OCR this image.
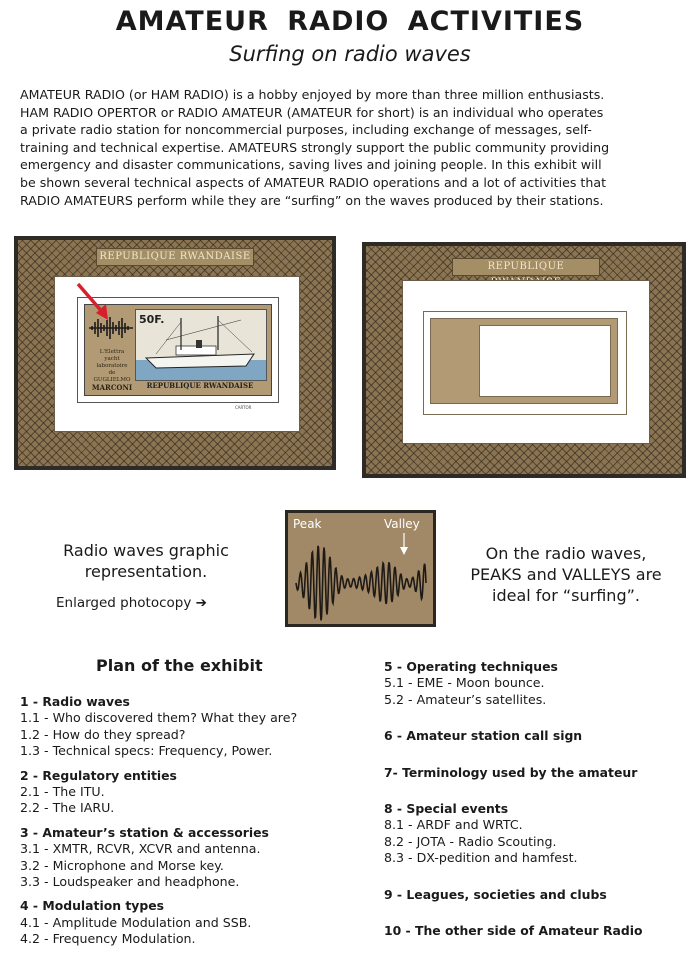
AMATEUR RADIO ACTIVITIES
Surfing on radio waves
AMATEUR RADIO (or HAM RADIO) is a hobby enjoyed by more than three million enthusiasts.
HAM RADIO OPERTOR or RADIO AMATEUR (AMATEUR for short) is an individual who operates
a private radio station for noncommercial purposes, including exchange of messages, self-
training and technical expertise. AMATEURS strongly support the public community providing
emergency and disaster communications, saving lives and joining people. In this exhibit will
be shown several technical aspects of AMATEUR RADIO operations and a lot of activities that
RADIO AMATEURS perform while they are “surfing” on the waves produced by their stations.
REPUBLIQUE RWANDAISE
L'Elettra
yacht laboratoire
de
GUGLIELMO
MARCONI
50F.
REPUBLIQUE RWANDAISE
CARTOR
REPUBLIQUE
Radio waves graphic
representation.
Enlarged photocopy ➔
Peak	Valley
On the radio waves,
PEAKS and VALLEYS are
ideal for “surfing”.
Plan of the exhibit
1 - Radio waves
1.1 - Who discovered them? What they are?
1.2 - How do they spread?
1.3 - Technical specs: Frequency, Power.
2 - Regulatory entities
2.1 - The ITU.
2.2 - The IARU.
3 - Amateur’s station & accessories
3.1 - XMTR, RCVR, XCVR and antenna.
3.2 - Microphone and Morse key.
3.3 - Loudspeaker and headphone.
4 - Modulation types
4.1 - Amplitude Modulation and SSB.
4.2 - Frequency Modulation.
5 - Operating techniques
5.1 - EME - Moon bounce.
5.2 - Amateur’s satellites.
6 - Amateur station call sign
7- Terminology used by the amateur
8 - Special events
8.1 - ARDF and WRTC.
8.2 - JOTA - Radio Scouting.
8.3 - DX-pedition and hamfest.
9 - Leagues, societies and clubs
10 - The other side of Amateur Radio
